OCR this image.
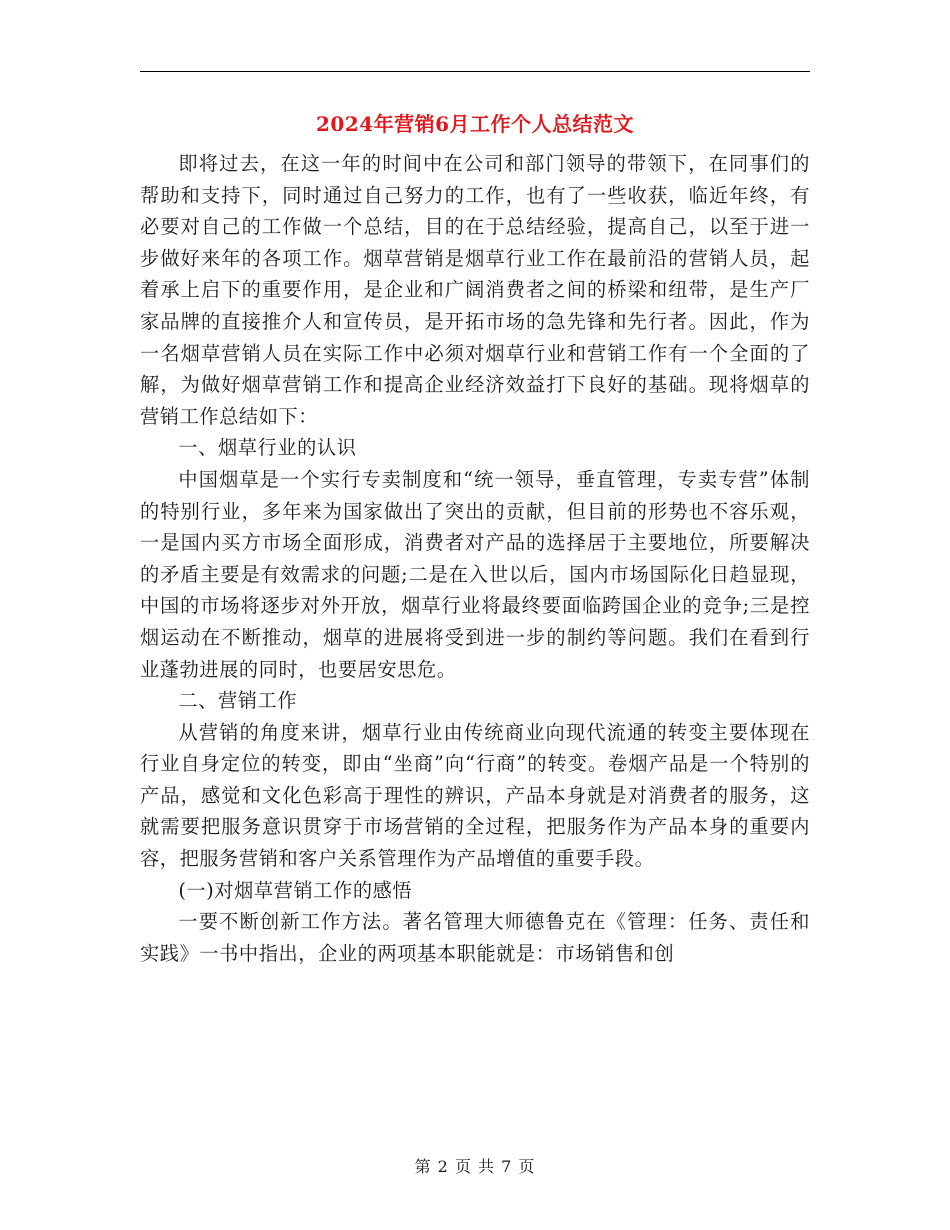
2024年营销6月工作个人总结范文

即将过去，在这一年的时间中在公司和部门领导的带领下，在同事们的帮助和支持下，同时通过自己努力的工作，也有了一些收获，临近年终，有必要对自己的工作做一个总结，目的在于总结经验，提高自己，以至于进一步做好来年的各项工作。烟草营销是烟草行业工作在最前沿的营销人员，起着承上启下的重要作用，是企业和广阔消费者之间的桥梁和纽带，是生产厂家品牌的直接推介人和宣传员，是开拓市场的急先锋和先行者。因此，作为一名烟草营销人员在实际工作中必须对烟草行业和营销工作有一个全面的了解，为做好烟草营销工作和提高企业经济效益打下良好的基础。现将烟草的营销工作总结如下：

一、烟草行业的认识

中国烟草是一个实行专卖制度和“统一领导，垂直管理，专卖专营”体制的特别行业，多年来为国家做出了突出的贡献，但目前的形势也不容乐观，一是国内买方市场全面形成，消费者对产品的选择居于主要地位，所要解决的矛盾主要是有效需求的问题;二是在入世以后，国内市场国际化日趋显现，中国的市场将逐步对外开放，烟草行业将最终要面临跨国企业的竞争;三是控烟运动在不断推动，烟草的进展将受到进一步的制约等问题。我们在看到行业蓬勃进展的同时，也要居安思危。

二、营销工作

从营销的角度来讲，烟草行业由传统商业向现代流通的转变主要体现在行业自身定位的转变，即由“坐商”向“行商”的转变。卷烟产品是一个特别的产品，感觉和文化色彩高于理性的辨识，产品本身就是对消费者的服务，这就需要把服务意识贯穿于市场营销的全过程，把服务作为产品本身的重要内容，把服务营销和客户关系管理作为产品增值的重要手段。

(一)对烟草营销工作的感悟

一要不断创新工作方法。著名管理大师德鲁克在《管理：任务、责任和实践》一书中指出，企业的两项基本职能就是：市场销售和创

第 2 页 共 7 页
